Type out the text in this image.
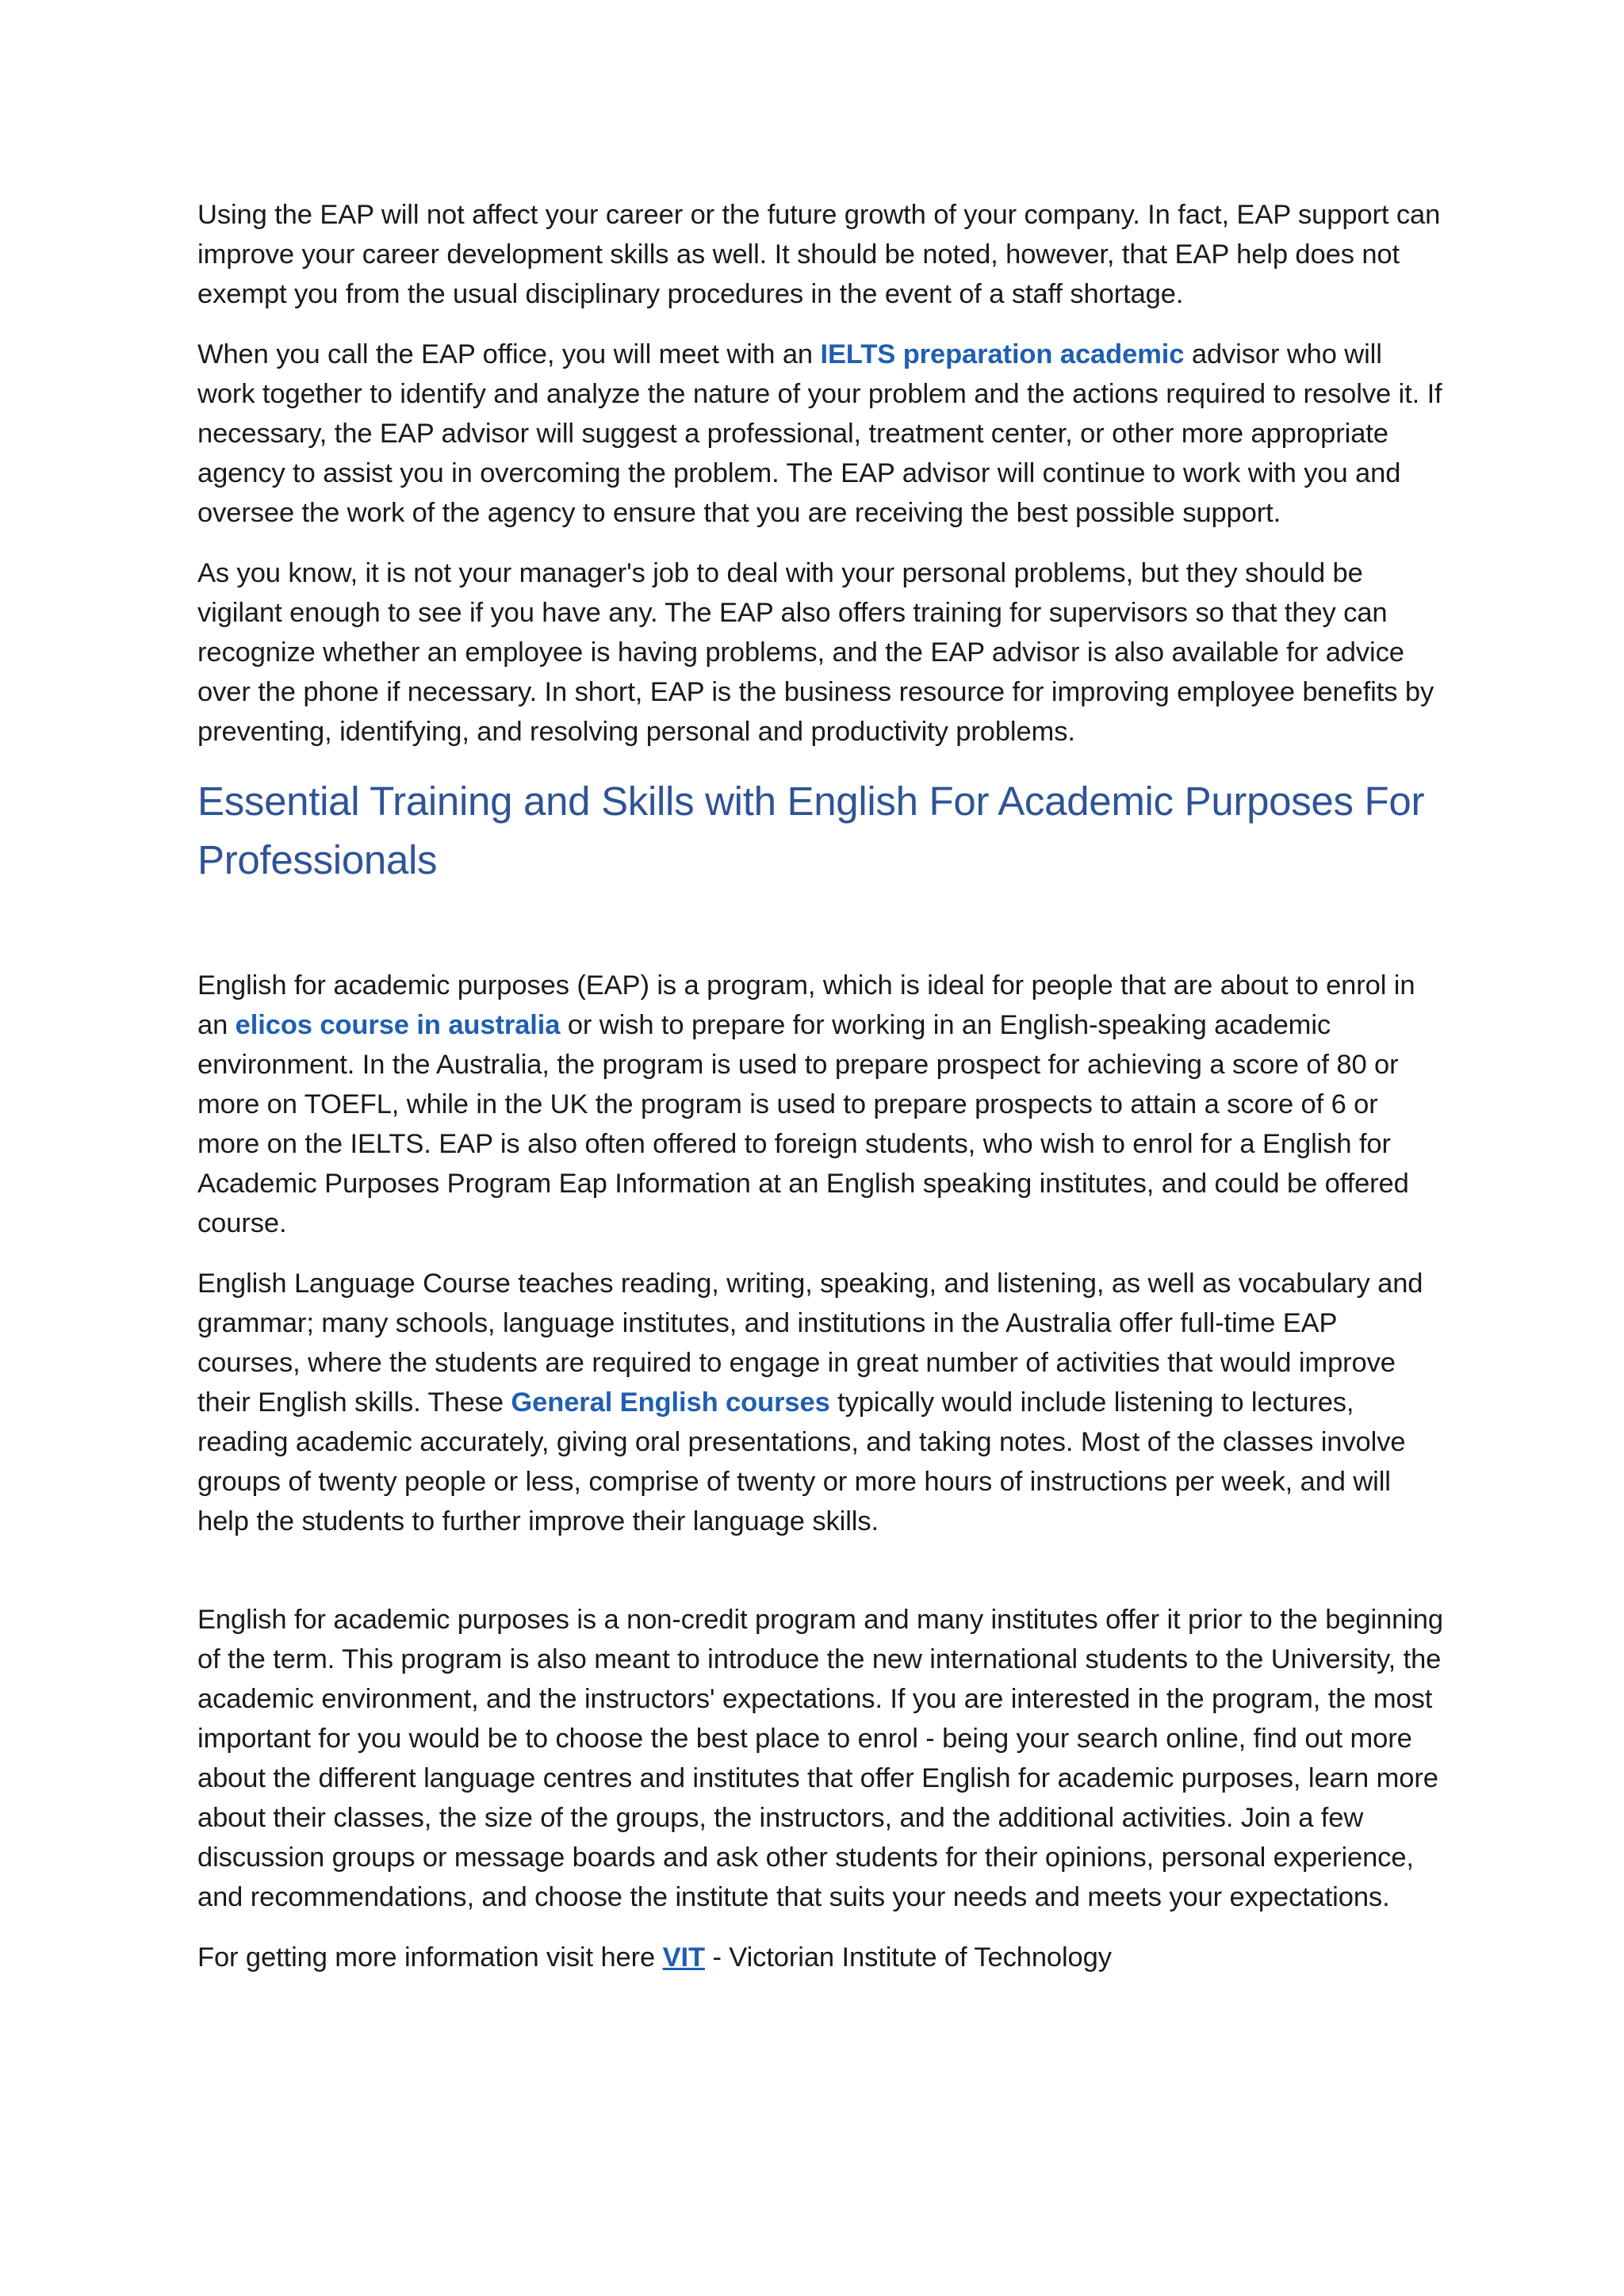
Using the EAP will not affect your career or the future growth of your company. In fact, EAP support can improve your career development skills as well. It should be noted, however, that EAP help does not exempt you from the usual disciplinary procedures in the event of a staff shortage.

When you call the EAP office, you will meet with an IELTS preparation academic advisor who will work together to identify and analyze the nature of your problem and the actions required to resolve it. If necessary, the EAP advisor will suggest a professional, treatment center, or other more appropriate agency to assist you in overcoming the problem. The EAP advisor will continue to work with you and oversee the work of the agency to ensure that you are receiving the best possible support.

As you know, it is not your manager's job to deal with your personal problems, but they should be vigilant enough to see if you have any. The EAP also offers training for supervisors so that they can recognize whether an employee is having problems, and the EAP advisor is also available for advice over the phone if necessary. In short, EAP is the business resource for improving employee benefits by preventing, identifying, and resolving personal and productivity problems.

Essential Training and Skills with English For Academic Purposes For Professionals

English for academic purposes (EAP) is a program, which is ideal for people that are about to enrol in an elicos course in australia or wish to prepare for working in an English-speaking academic environment. In the Australia, the program is used to prepare prospect for achieving a score of 80 or more on TOEFL, while in the UK the program is used to prepare prospects to attain a score of 6 or more on the IELTS. EAP is also often offered to foreign students, who wish to enrol for a English for Academic Purposes Program Eap Information at an English speaking institutes, and could be offered course.

English Language Course teaches reading, writing, speaking, and listening, as well as vocabulary and grammar; many schools, language institutes, and institutions in the Australia offer full-time EAP courses, where the students are required to engage in great number of activities that would improve their English skills. These General English courses typically would include listening to lectures, reading academic accurately, giving oral presentations, and taking notes. Most of the classes involve groups of twenty people or less, comprise of twenty or more hours of instructions per week, and will help the students to further improve their language skills.

English for academic purposes is a non-credit program and many institutes offer it prior to the beginning of the term. This program is also meant to introduce the new international students to the University, the academic environment, and the instructors' expectations. If you are interested in the program, the most important for you would be to choose the best place to enrol - being your search online, find out more about the different language centres and institutes that offer English for academic purposes, learn more about their classes, the size of the groups, the instructors, and the additional activities. Join a few discussion groups or message boards and ask other students for their opinions, personal experience, and recommendations, and choose the institute that suits your needs and meets your expectations.

For getting more information visit here VIT - Victorian Institute of Technology
